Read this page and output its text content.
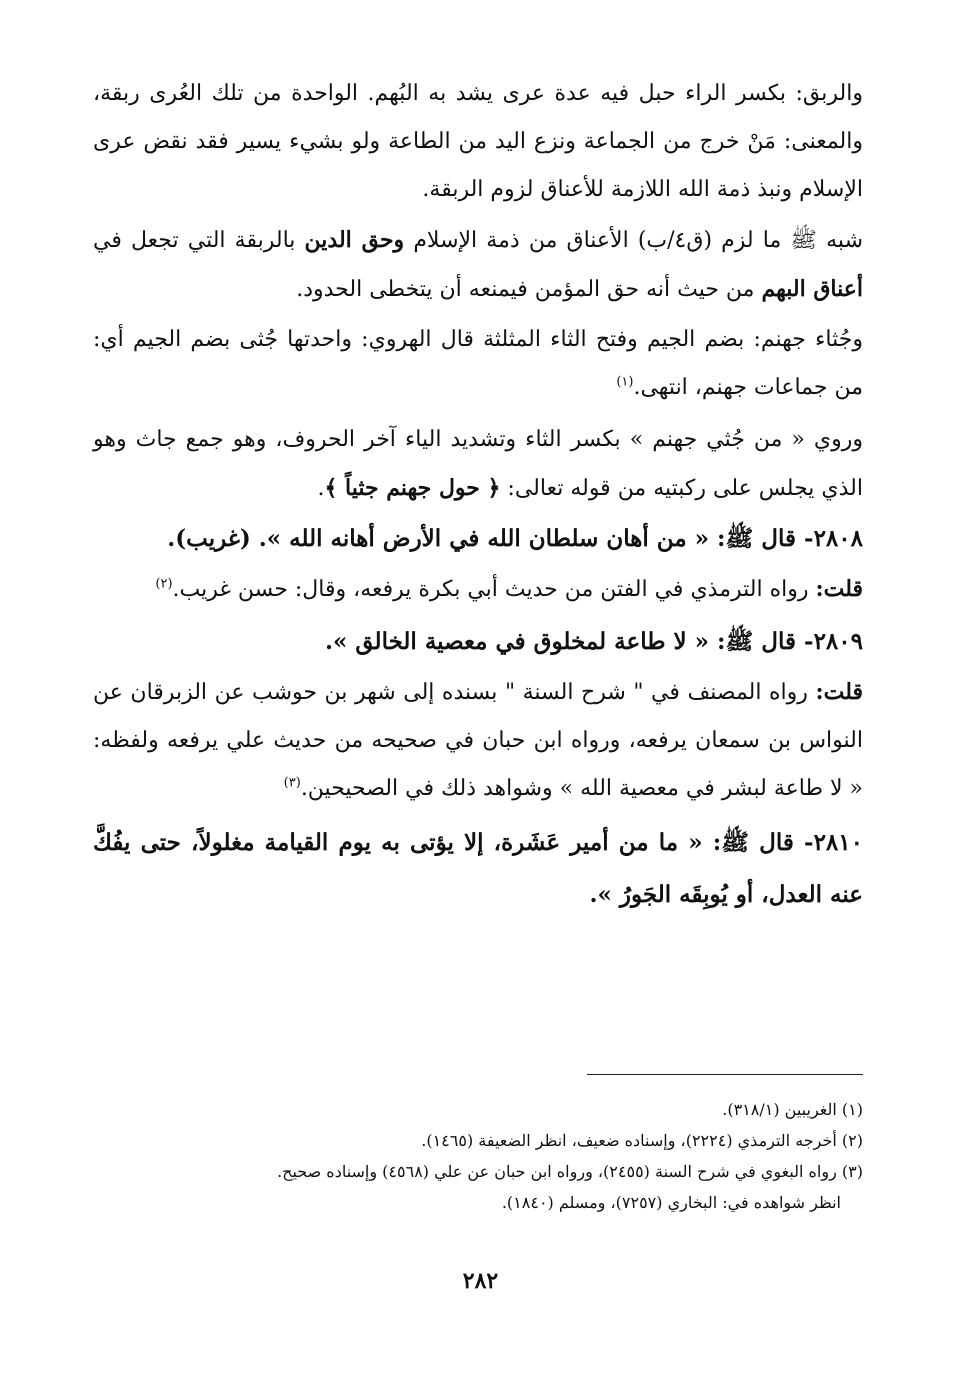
والربق: بكسر الراء حبل فيه عدة عرى يشد به البُهم. الواحدة من تلك العُرى ربقة، والمعنى: مَنْ خرج من الجماعة ونزع اليد من الطاعة ولو بشيء يسير فقد نقض عرى الإسلام ونبذ ذمة الله اللازمة للأعناق لزوم الربقة.

شبه ﷺ ما لزم (ق٤/ب) الأعناق من ذمة الإسلام وحق الدين بالربقة التي تجعل في أعناق البهم من حيث أنه حق المؤمن فيمنعه أن يتخطى الحدود.

وجُثاء جهنم: بضم الجيم وفتح الثاء المثلثة قال الهروي: واحدتها جُثى بضم الجيم أي: من جماعات جهنم، انتهى.$^{(١)}$

وروي « من جُثي جهنم » بكسر الثاء وتشديد الياء آخر الحروف، وهو جمع جاث وهو الذي يجلس على ركبتيه من قوله تعالى: ﴿ حول جهنم جثياً ﴾.

٢٨٠٨- قال ﷺ: « من أهان سلطان الله في الأرض أهانه الله ». (غريب).

قلت: رواه الترمذي في الفتن من حديث أبي بكرة يرفعه، وقال: حسن غريب.$^{(٢)}$

٢٨٠٩- قال ﷺ: « لا طاعة لمخلوق في معصية الخالق ».

قلت: رواه المصنف في " شرح السنة " بسنده إلى شهر بن حوشب عن الزبرقان عن النواس بن سمعان يرفعه، ورواه ابن حبان في صحيحه من حديث علي يرفعه ولفظه: « لا طاعة لبشر في معصية الله » وشواهد ذلك في الصحيحين.$^{(٣)}$

٢٨١٠- قال ﷺ: « ما من أمير عَشَرة، إلا يؤتى به يوم القيامة مغلولاً، حتى يفُكَّ عنه العدل، أو يُوبِقَه الجَورُ ».

(١) الغريبين (٣١٨/١).

(٢) أخرجه الترمذي (٢٢٢٤)، وإسناده ضعيف، انظر الضعيفة (١٤٦٥).

(٣) رواه البغوي في شرح السنة (٢٤٥٥)، ورواه ابن حبان عن علي (٤٥٦٨) وإسناده صحيح.

انظر شواهده في: البخاري (٧٢٥٧)، ومسلم (١٨٤٠).

٢٨٢
